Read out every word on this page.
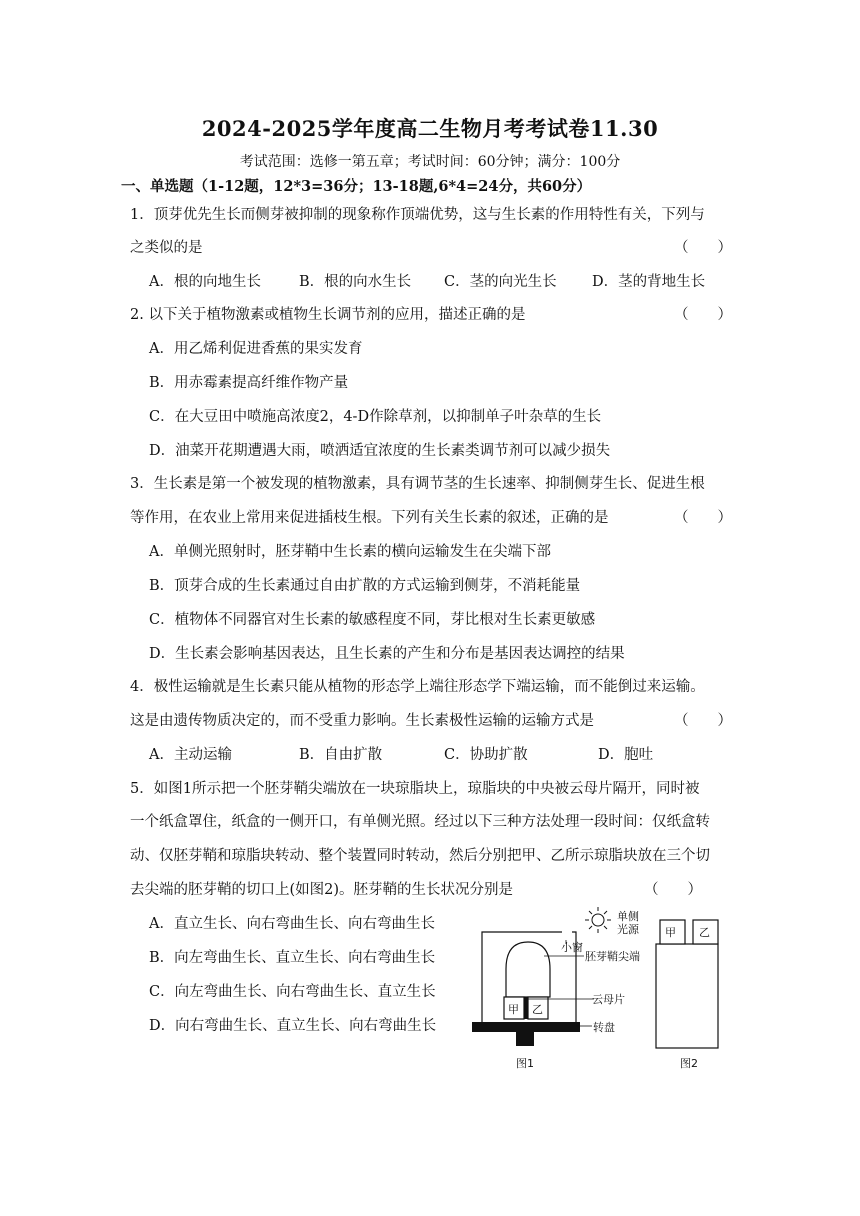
2024-2025学年度高二生物月考考试卷11.30
考试范围：选修一第五章；考试时间：60分钟；满分：100分
一、单选题（1-12题，12*3=36分；13-18题,6*4=24分，共60分）
1．顶芽优先生长而侧芽被抑制的现象称作顶端优势，这与生长素的作用特性有关，下列与
之类似的是	（　　）
A．根的向地生长	B．根的向水生长 C．茎的向光生长 D．茎的背地生长
2. 以下关于植物激素或植物生长调节剂的应用，描述正确的是	（　　）
A．用乙烯利促进香蕉的果实发育
B．用赤霉素提高纤维作物产量
C．在大豆田中喷施高浓度2，4-D作除草剂，以抑制单子叶杂草的生长
D．油菜开花期遭遇大雨，喷洒适宜浓度的生长素类调节剂可以减少损失
3．生长素是第一个被发现的植物激素，具有调节茎的生长速率、抑制侧芽生长、促进生根
等作用，在农业上常用来促进插枝生根。下列有关生长素的叙述，正确的是	（　　）
A．单侧光照射时，胚芽鞘中生长素的横向运输发生在尖端下部
B．顶芽合成的生长素通过自由扩散的方式运输到侧芽，不消耗能量
C．植物体不同器官对生长素的敏感程度不同，芽比根对生长素更敏感
D．生长素会影响基因表达，且生长素的产生和分布是基因表达调控的结果
4．极性运输就是生长素只能从植物的形态学上端往形态学下端运输，而不能倒过来运输。
这是由遗传物质决定的，而不受重力影响。生长素极性运输的运输方式是	（　　）
A．主动运输	B．自由扩散	C．协助扩散	D．胞吐
5．如图1所示把一个胚芽鞘尖端放在一块琼脂块上，琼脂块的中央被云母片隔开，同时被
一个纸盒罩住，纸盒的一侧开口，有单侧光照。经过以下三种方法处理一段时间：仅纸盒转
动、仅胚芽鞘和琼脂块转动、整个装置同时转动，然后分别把甲、乙所示琼脂块放在三个切
去尖端的胚芽鞘的切口上(如图2)。胚芽鞘的生长状况分别是	（　　）
A．直立生长、向右弯曲生长、向右弯曲生长
B．向左弯曲生长、直立生长、向右弯曲生长
C．向左弯曲生长、向右弯曲生长、直立生长
D．向右弯曲生长、直立生长、向右弯曲生长
甲 乙
单侧
光源
小窗
胚芽鞘尖端
云母片
转盘
图1
甲 乙
图2
